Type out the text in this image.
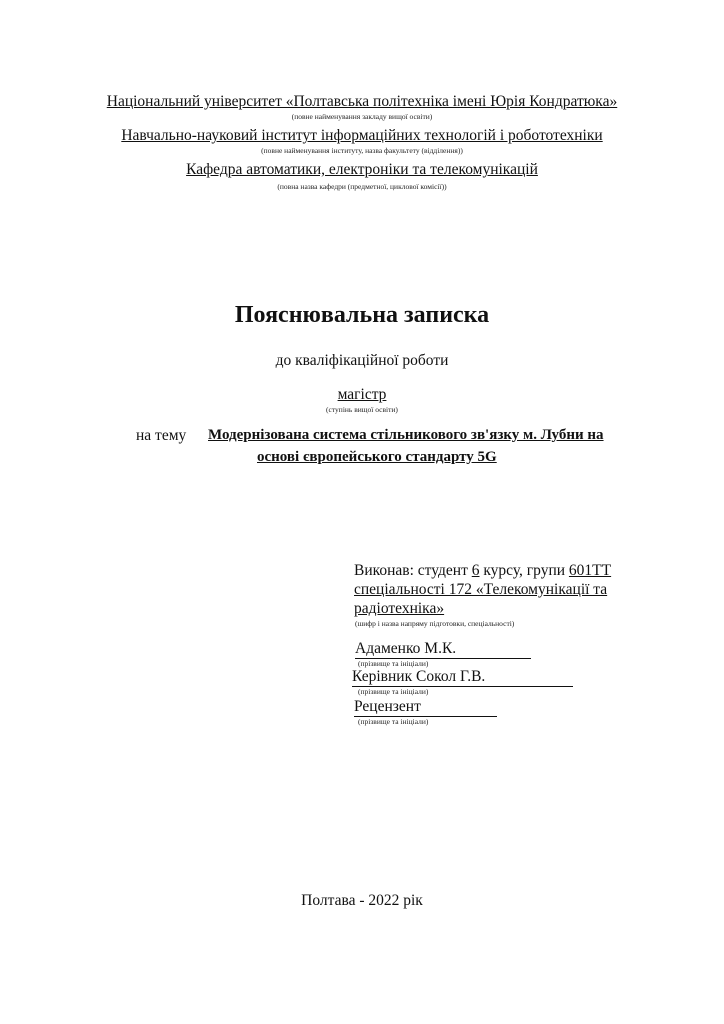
Національний університет «Полтавська політехніка імені Юрія Кондратюка»
(повне найменування закладу вищої освіти)
Навчально-науковий інститут інформаційних технологій і робототехніки
(повне найменування інституту, назва факультету (відділення))
Кафедра автоматики, електроніки та телекомунікацій
(повна назва кафедри (предметної, циклової комісії))
Пояснювальна записка
до кваліфікаційної роботи
магістр
(ступінь вищої освіти)
на тему Модернізована система стільникового зв'язку м. Лубни на
основі європейського стандарту 5G
Виконав: студент 6 курсу, групи 601ТТ
спеціальності 172 «Телекомунікації та
радіотехніка»
(шифр і назва напряму підготовки, спеціальності)
Адаменко М.К.
(прізвище та ініціали)
Керівник Сокол Г.В.
(прізвище та ініціали)
Рецензент
(прізвище та ініціали)
Полтава - 2022 рік
